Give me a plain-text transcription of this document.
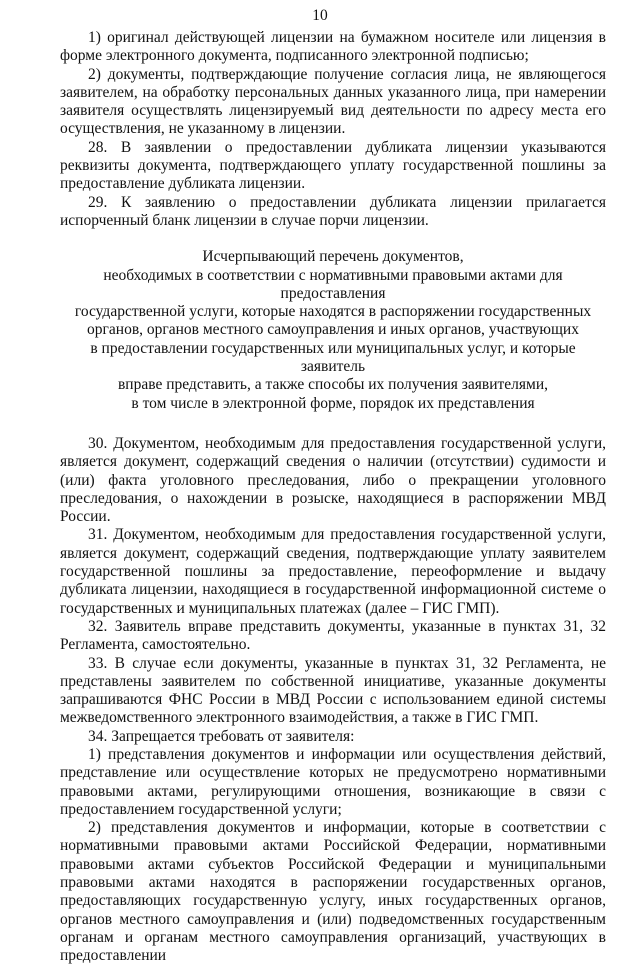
10

1) оригинал действующей лицензии на бумажном носителе или лицензия в форме электронного документа, подписанного электронной подписью;

2) документы, подтверждающие получение согласия лица, не являющегося заявителем, на обработку персональных данных указанного лица, при намерении заявителя осуществлять лицензируемый вид деятельности по адресу места его осуществления, не указанному в лицензии.

28. В заявлении о предоставлении дубликата лицензии указываются реквизиты документа, подтверждающего уплату государственной пошлины за предоставление дубликата лицензии.

29. К заявлению о предоставлении дубликата лицензии прилагается испорченный бланк лицензии в случае порчи лицензии.

Исчерпывающий перечень документов,
необходимых в соответствии с нормативными правовыми актами для предоставления
государственной услуги, которые находятся в распоряжении государственных
органов, органов местного самоуправления и иных органов, участвующих
в предоставлении государственных или муниципальных услуг, и которые заявитель
вправе представить, а также способы их получения заявителями,
в том числе в электронной форме, порядок их представления

30. Документом, необходимым для предоставления государственной услуги, является документ, содержащий сведения о наличии (отсутствии) судимости и (или) факта уголовного преследования, либо о прекращении уголовного преследования, о нахождении в розыске, находящиеся в распоряжении МВД России.

31. Документом, необходимым для предоставления государственной услуги, является документ, содержащий сведения, подтверждающие уплату заявителем государственной пошлины за предоставление, переоформление и выдачу дубликата лицензии, находящиеся в государственной информационной системе о государственных и муниципальных платежах (далее – ГИС ГМП).

32. Заявитель вправе представить документы, указанные в пунктах 31, 32 Регламента, самостоятельно.

33. В случае если документы, указанные в пунктах 31, 32 Регламента, не представлены заявителем по собственной инициативе, указанные документы запрашиваются ФНС России в МВД России с использованием единой системы межведомственного электронного взаимодействия, а также в ГИС ГМП.

34. Запрещается требовать от заявителя:

1) представления документов и информации или осуществления действий, представление или осуществление которых не предусмотрено нормативными правовыми актами, регулирующими отношения, возникающие в связи с предоставлением государственной услуги;

2) представления документов и информации, которые в соответствии с нормативными правовыми актами Российской Федерации, нормативными правовыми актами субъектов Российской Федерации и муниципальными правовыми актами находятся в распоряжении государственных органов, предоставляющих государственную услугу, иных государственных органов, органов местного самоуправления и (или) подведомственных государственным органам и органам местного самоуправления организаций, участвующих в предоставлении
